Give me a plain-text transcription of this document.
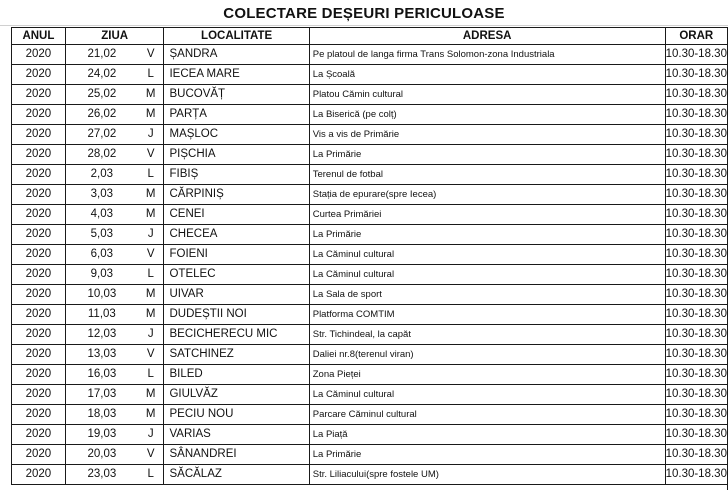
COLECTARE DEȘEURI PERICULOASE
ANUL	ZIUA		LOCALITATE	ADRESA	ORAR
2020	21,02	V	ȘANDRA	Pe platoul de langa firma Trans Solomon-zona Industriala	10.30-18.30
2020	24,02	L	IECEA MARE	La Școală	10.30-18.30
2020	25,02	M	BUCOVĂȚ	Platou Cămin cultural	10.30-18.30
2020	26,02	M	PARȚA	La Biserică (pe colț)	10.30-18.30
2020	27,02	J	MAȘLOC	Vis a vis de Primărie	10.30-18.30
2020	28,02	V	PIȘCHIA	La Primărie	10.30-18.30
2020	2,03	L	FIBIȘ	Terenul de fotbal	10.30-18.30
2020	3,03	M	CĂRPINIȘ	Stația de epurare(spre Iecea)	10.30-18.30
2020	4,03	M	CENEI	Curtea Primăriei	10.30-18.30
2020	5,03	J	CHECEA	La Primărie	10.30-18.30
2020	6,03	V	FOIENI	La Căminul cultural	10.30-18.30
2020	9,03	L	OTELEC	La Căminul cultural	10.30-18.30
2020	10,03	M	UIVAR	La Sala de sport	10.30-18.30
2020	11,03	M	DUDEȘTII NOI	Platforma COMTIM	10.30-18.30
2020	12,03	J	BECICHERECU MIC	Str. Tichindeal, la capăt	10.30-18.30
2020	13,03	V	SATCHINEZ	Daliei nr.8(terenul viran)	10.30-18.30
2020	16,03	L	BILED	Zona Pieței	10.30-18.30
2020	17,03	M	GIULVĂZ	La Căminul cultural	10.30-18.30
2020	18,03	M	PECIU NOU	Parcare Căminul cultural	10.30-18.30
2020	19,03	J	VARIAS	La Piață	10.30-18.30
2020	20,03	V	SÂNANDREI	La Primărie	10.30-18.30
2020	23,03	L	SĂCĂLAZ	Str. Liliacului(spre fostele UM)	10.30-18.30
